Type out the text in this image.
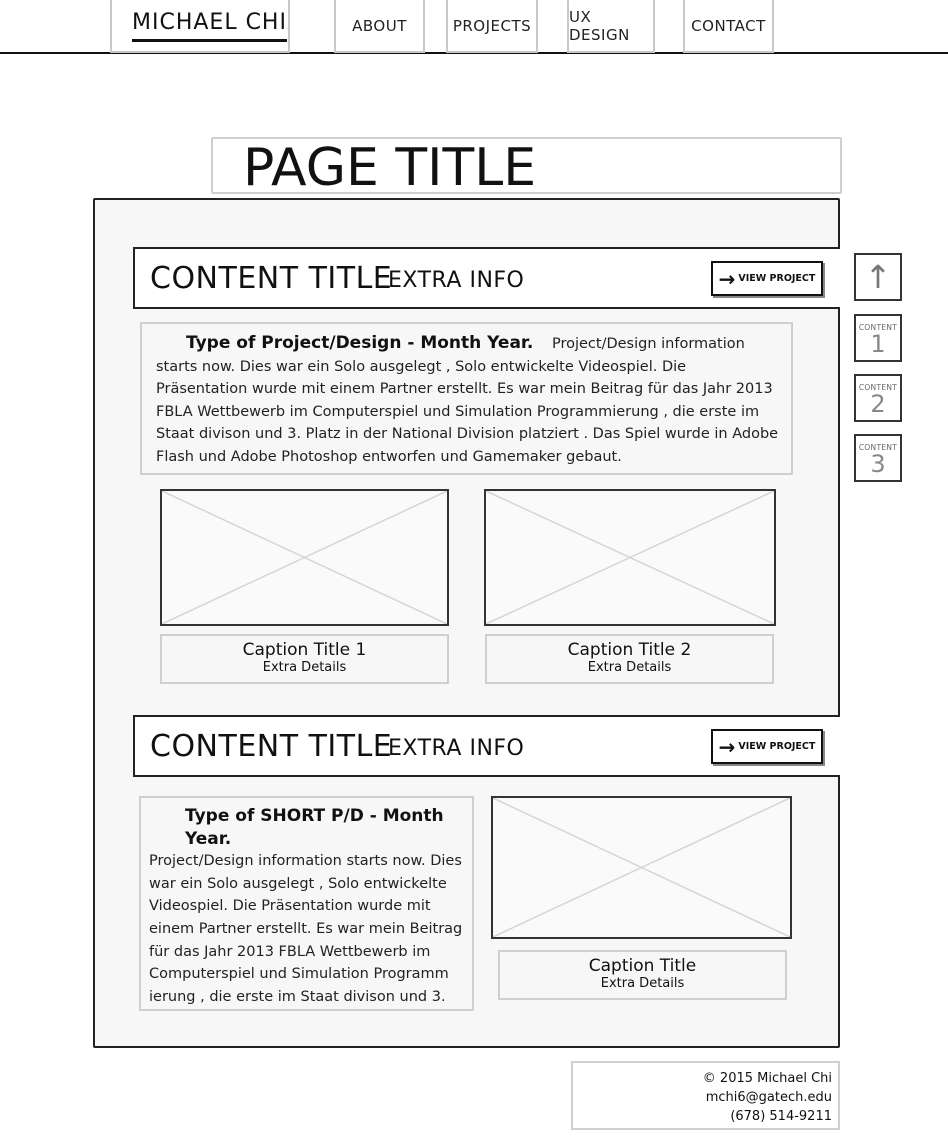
MICHAEL CHI	ABOUT	PROJECTS	UX DESIGN	CONTACT
PAGE TITLE
CONTENT TITLE
EXTRA INFO	→ VIEW PROJECT
Type of Project/Design - Month Year. Project/Design information starts now. Dies war ein Solo ausgelegt , Solo entwickelte Videospiel. Die Präsentation wurde mit einem Partner erstellt. Es war mein Beitrag für das Jahr 2013 FBLA Wettbewerb im Computerspiel und Simulation Programmierung , die erste im Staat divison und 3. Platz in der National Division platziert . Das Spiel wurde in Adobe Flash und Adobe Photoshop entworfen und Gamemaker gebaut.
Caption Title 1
Extra Details
Caption Title 2
Extra Details
CONTENT TITLE
EXTRA INFO	→ VIEW PROJECT
Type of SHORT P/D - Month Year.
Project/Design information starts now. Dies war ein Solo ausgelegt , Solo entwickelte Videospiel. Die Präsentation wurde mit einem Partner erstellt. Es war mein Beitrag für das Jahr 2013 FBLA Wettbewerb im Computerspiel und Simulation Programm ierung , die erste im Staat divison und 3.
Caption Title
Extra Details
↑
CONTENT
1
CONTENT
2
CONTENT
3
© 2015 Michael Chi
mchi6@gatech.edu
(678) 514-9211
